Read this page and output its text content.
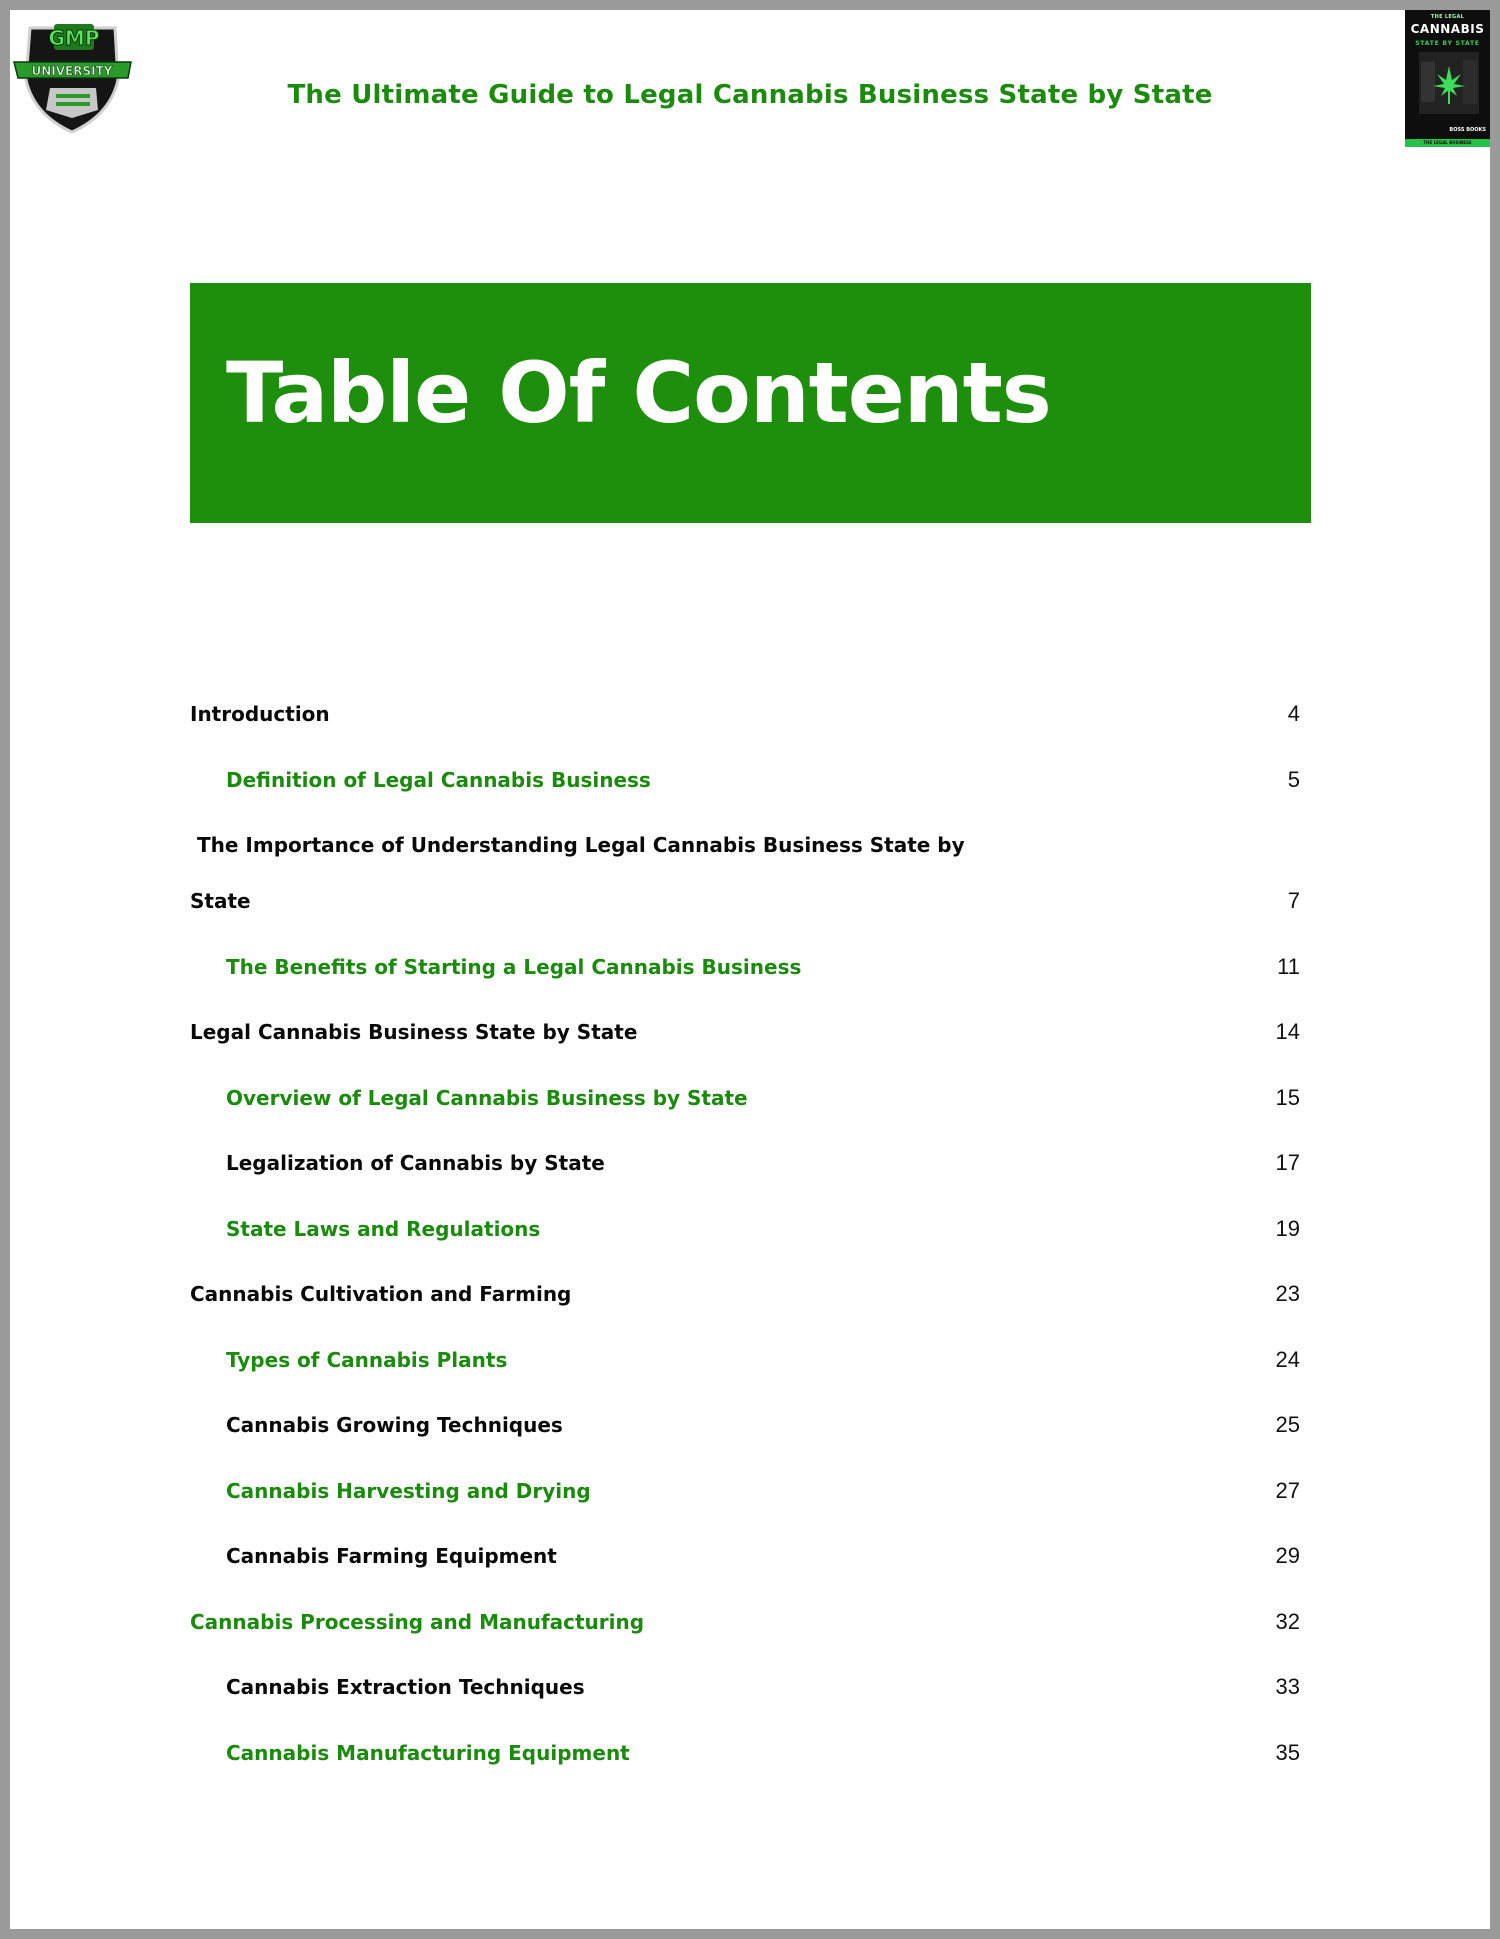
GMP
UNIVERSITY
THE LEGAL
CANNABIS
STATE BY STATE
BOSS BOOKS
THE LEGAL BUSINESS
The Ultimate Guide to Legal Cannabis Business State by State
Table Of Contents
Introduction	4
Definition of Legal Cannabis Business	5
The Importance of Understanding Legal Cannabis Business State by
State	7
The Benefits of Starting a Legal Cannabis Business	11
Legal Cannabis Business State by State	14
Overview of Legal Cannabis Business by State	15
Legalization of Cannabis by State	17
State Laws and Regulations	19
Cannabis Cultivation and Farming	23
Types of Cannabis Plants	24
Cannabis Growing Techniques	25
Cannabis Harvesting and Drying	27
Cannabis Farming Equipment	29
Cannabis Processing and Manufacturing	32
Cannabis Extraction Techniques	33
Cannabis Manufacturing Equipment	35
